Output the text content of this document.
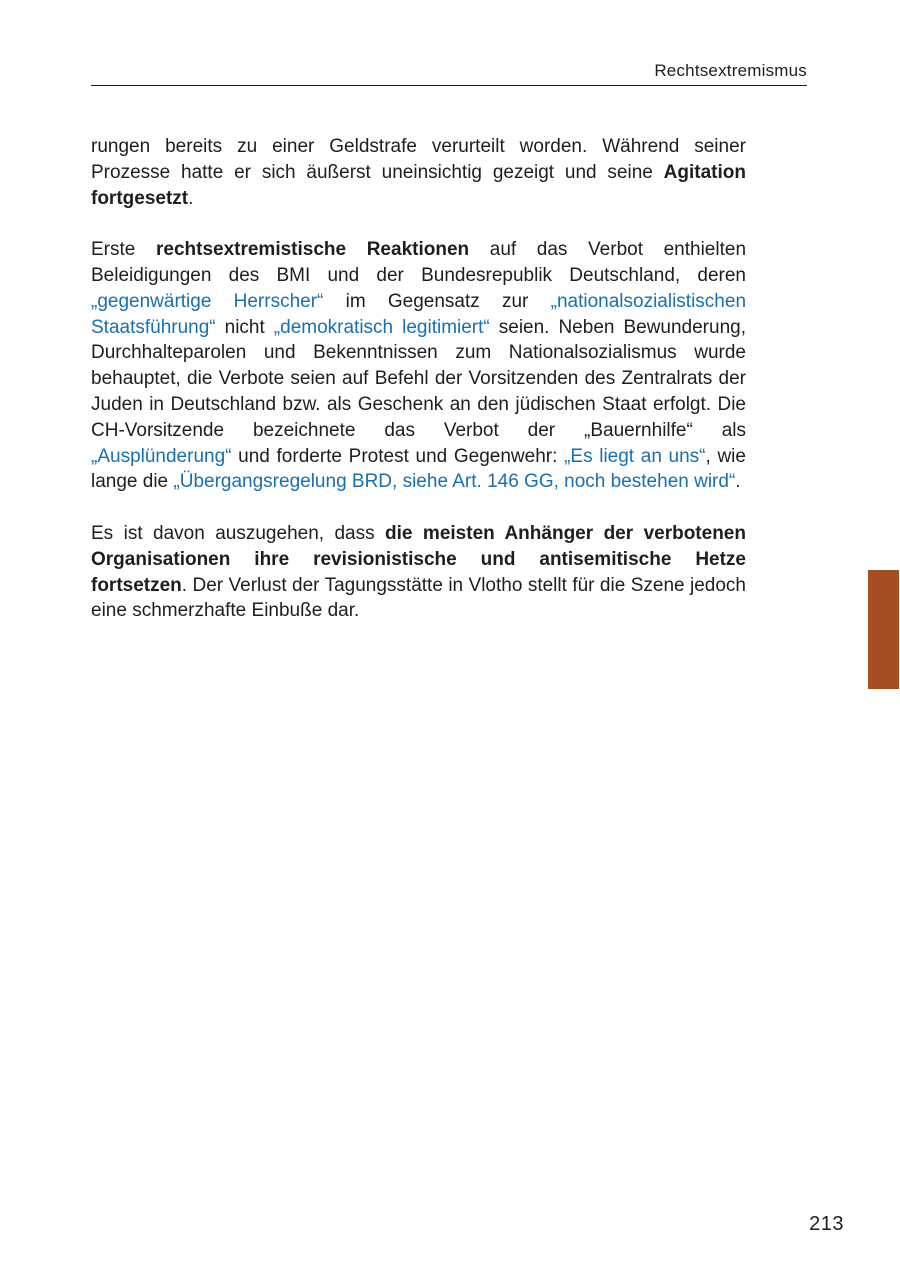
Rechtsextremismus

rungen bereits zu einer Geldstrafe verurteilt worden. Während seiner Prozesse hatte er sich äußerst uneinsichtig gezeigt und seine Agitation fortgesetzt.

Erste rechtsextremistische Reaktionen auf das Verbot enthielten Beleidigungen des BMI und der Bundesrepublik Deutschland, deren „gegenwärtige Herrscher“ im Gegensatz zur „nationalsozialistischen Staatsführung“ nicht „demokratisch legitimiert“ seien. Neben Bewunderung, Durchhalteparolen und Bekenntnissen zum Nationalsozialismus wurde behauptet, die Verbote seien auf Befehl der Vorsitzenden des Zentralrats der Juden in Deutschland bzw. als Geschenk an den jüdischen Staat erfolgt. Die CH-Vorsitzende bezeichnete das Verbot der „Bauernhilfe“ als „Ausplünderung“ und forderte Protest und Gegenwehr: „Es liegt an uns“, wie lange die „Übergangsregelung BRD, siehe Art. 146 GG, noch bestehen wird“.

Es ist davon auszugehen, dass die meisten Anhänger der verbotenen Organisationen ihre revisionistische und antisemitische Hetze fortsetzen. Der Verlust der Tagungsstätte in Vlotho stellt für die Szene jedoch eine schmerzhafte Einbuße dar.

213
